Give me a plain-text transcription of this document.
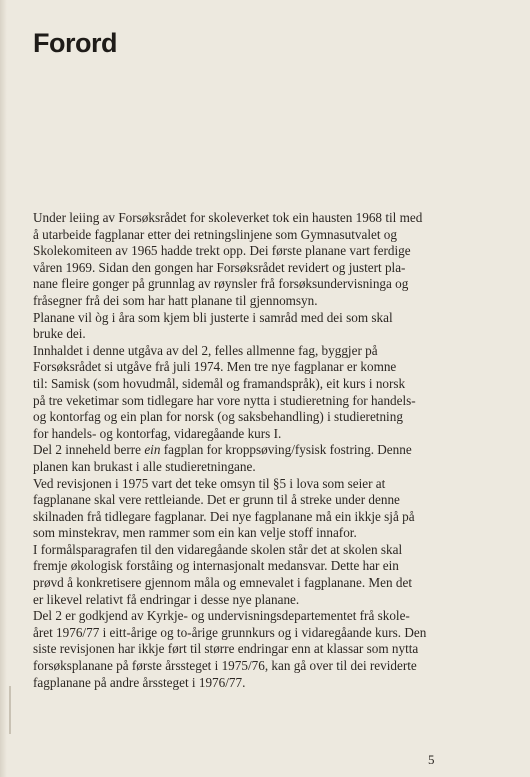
Forord
Under leiing av Forsøksrådet for skoleverket tok ein hausten 1968 til med
å utarbeide fagplanar etter dei retningslinjene som Gymnasutvalet og
Skolekomiteen av 1965 hadde trekt opp. Dei første planane vart ferdige
våren 1969. Sidan den gongen har Forsøksrådet revidert og justert pla-
nane fleire gonger på grunnlag av røynsler frå forsøksundervisninga og
fråsegner frå dei som har hatt planane til gjennomsyn.
Planane vil òg i åra som kjem bli justerte i samråd med dei som skal
bruke dei.
Innhaldet i denne utgåva av del 2, felles allmenne fag, byggjer på
Forsøksrådet si utgåve frå juli 1974. Men tre nye fagplanar er komne
til: Samisk (som hovudmål, sidemål og framandspråk), eit kurs i norsk
på tre veketimar som tidlegare har vore nytta i studieretning for handels-
og kontorfag og ein plan for norsk (og saksbehandling) i studieretning
for handels- og kontorfag, vidaregåande kurs I.
Del 2 inneheld berre ein fagplan for kroppsøving/fysisk fostring. Denne
planen kan brukast i alle studieretningane.
Ved revisjonen i 1975 vart det teke omsyn til §5 i lova som seier at
fagplanane skal vere rettleiande. Det er grunn til å streke under denne
skilnaden frå tidlegare fagplanar. Dei nye fagplanane må ein ikkje sjå på
som minstekrav, men rammer som ein kan velje stoff innafor.
I formålsparagrafen til den vidaregåande skolen står det at skolen skal
fremje økologisk forståing og internasjonalt medansvar. Dette har ein
prøvd å konkretisere gjennom måla og emnevalet i fagplanane. Men det
er likevel relativt få endringar i desse nye planane.
Del 2 er godkjend av Kyrkje- og undervisningsdepartementet frå skole-
året 1976/77 i eitt-årige og to-årige grunnkurs og i vidaregåande kurs. Den
siste revisjonen har ikkje ført til større endringar enn at klassar som nytta
forsøksplanane på første årssteget i 1975/76, kan gå over til dei reviderte
fagplanane på andre årssteget i 1976/77.
5
